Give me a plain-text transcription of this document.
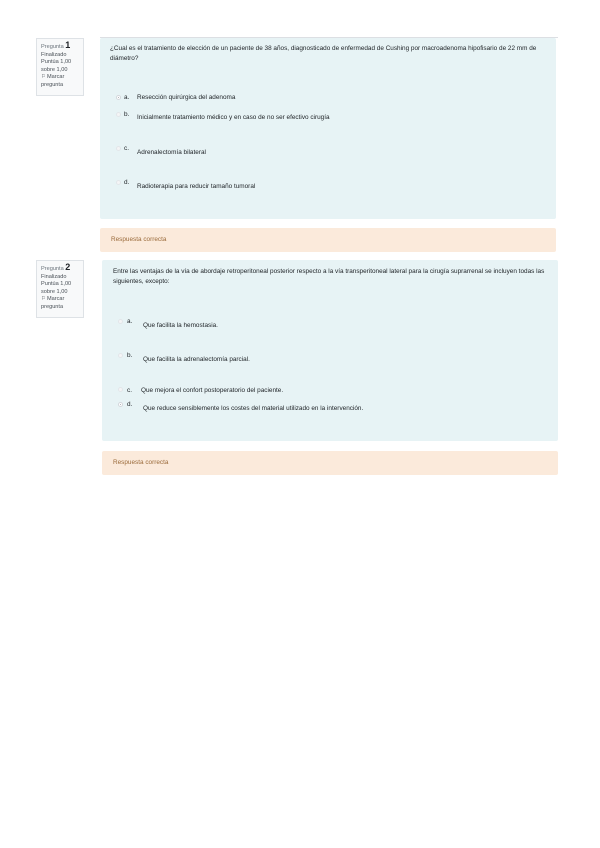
Pregunta 1
Finalizado
Puntúa 1,00 sobre 1,00
⚐Marcar pregunta
¿Cual es el tratamiento de elección de un paciente de 38 años, diagnosticado de enfermedad de Cushing por macroadenoma hipofisario de 22 mm de diámetro?
a. Resección quirúrgica del adenoma
b. Inicialmente tratamiento médico y en caso de no ser efectivo cirugía
c.
Adrenalectomía bilateral
d.
Radioterapia para reducir tamaño tumoral
Respuesta correcta
Pregunta 2
Finalizado
Puntúa 1,00 sobre 1,00
⚐Marcar pregunta
Entre las ventajas de la vía de abordaje retroperitoneal posterior respecto a la vía transperitoneal lateral para la cirugía suprarrenal se incluyen todas las siguientes, excepto:
a.
Que facilita la hemostasia.
b.
Que facilita la adrenalectomía parcial.
c. Que mejora el confort postoperatorio del paciente.
d.
Que reduce sensiblemente los costes del material utilizado en la intervención.
Respuesta correcta
